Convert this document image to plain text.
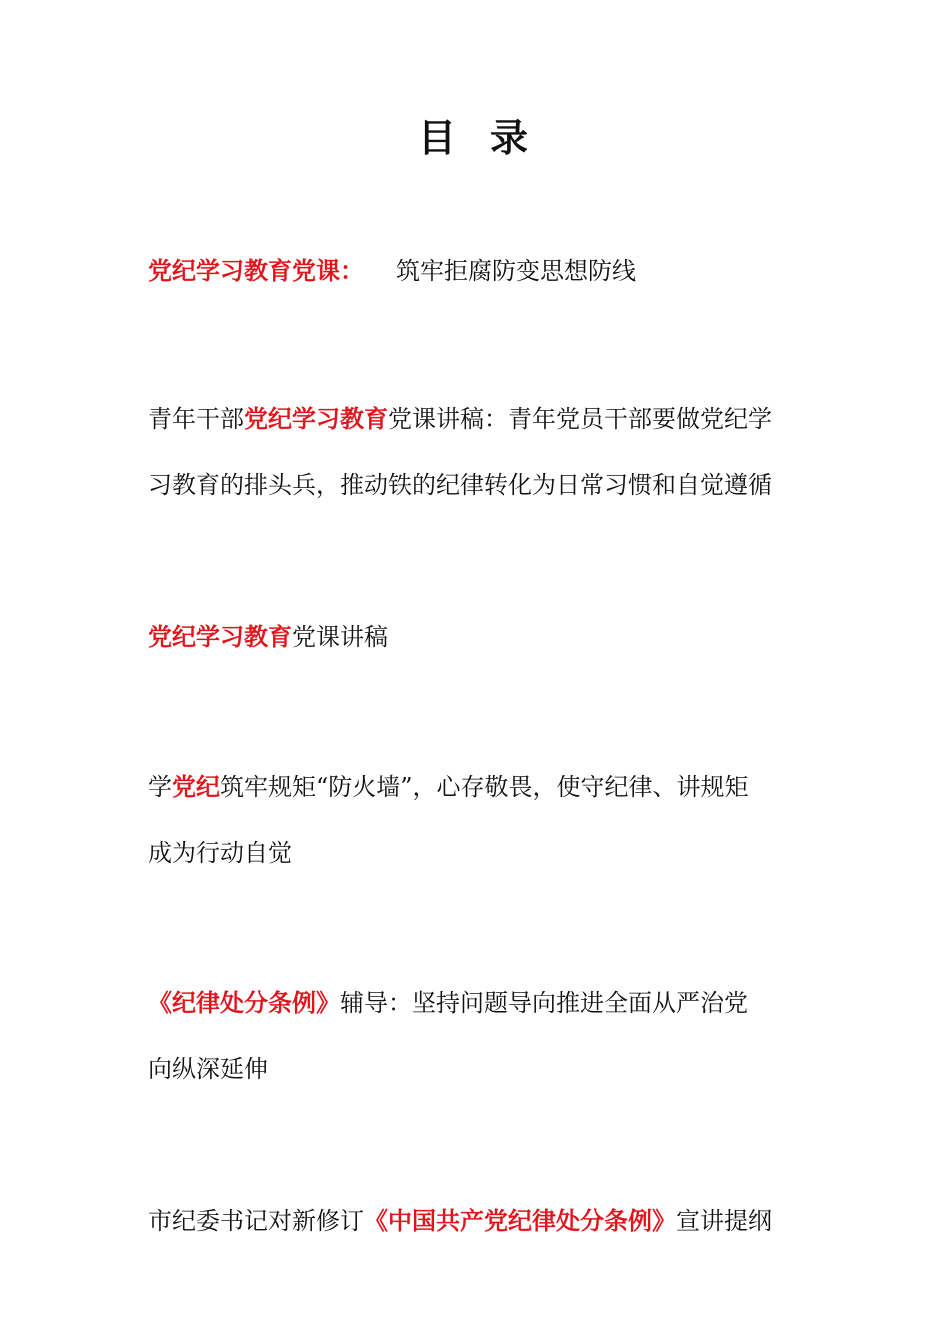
目 录
党纪学习教育党课： 筑牢拒腐防变思想防线
青年干部党纪学习教育党课讲稿：青年党员干部要做党纪学
习教育的排头兵，推动铁的纪律转化为日常习惯和自觉遵循
党纪学习教育党课讲稿
学党纪筑牢规矩“防火墙”，心存敬畏，使守纪律、讲规矩
成为行动自觉
《纪律处分条例》辅导：坚持问题导向推进全面从严治党
向纵深延伸
市纪委书记对新修订《中国共产党纪律处分条例》宣讲提纲
